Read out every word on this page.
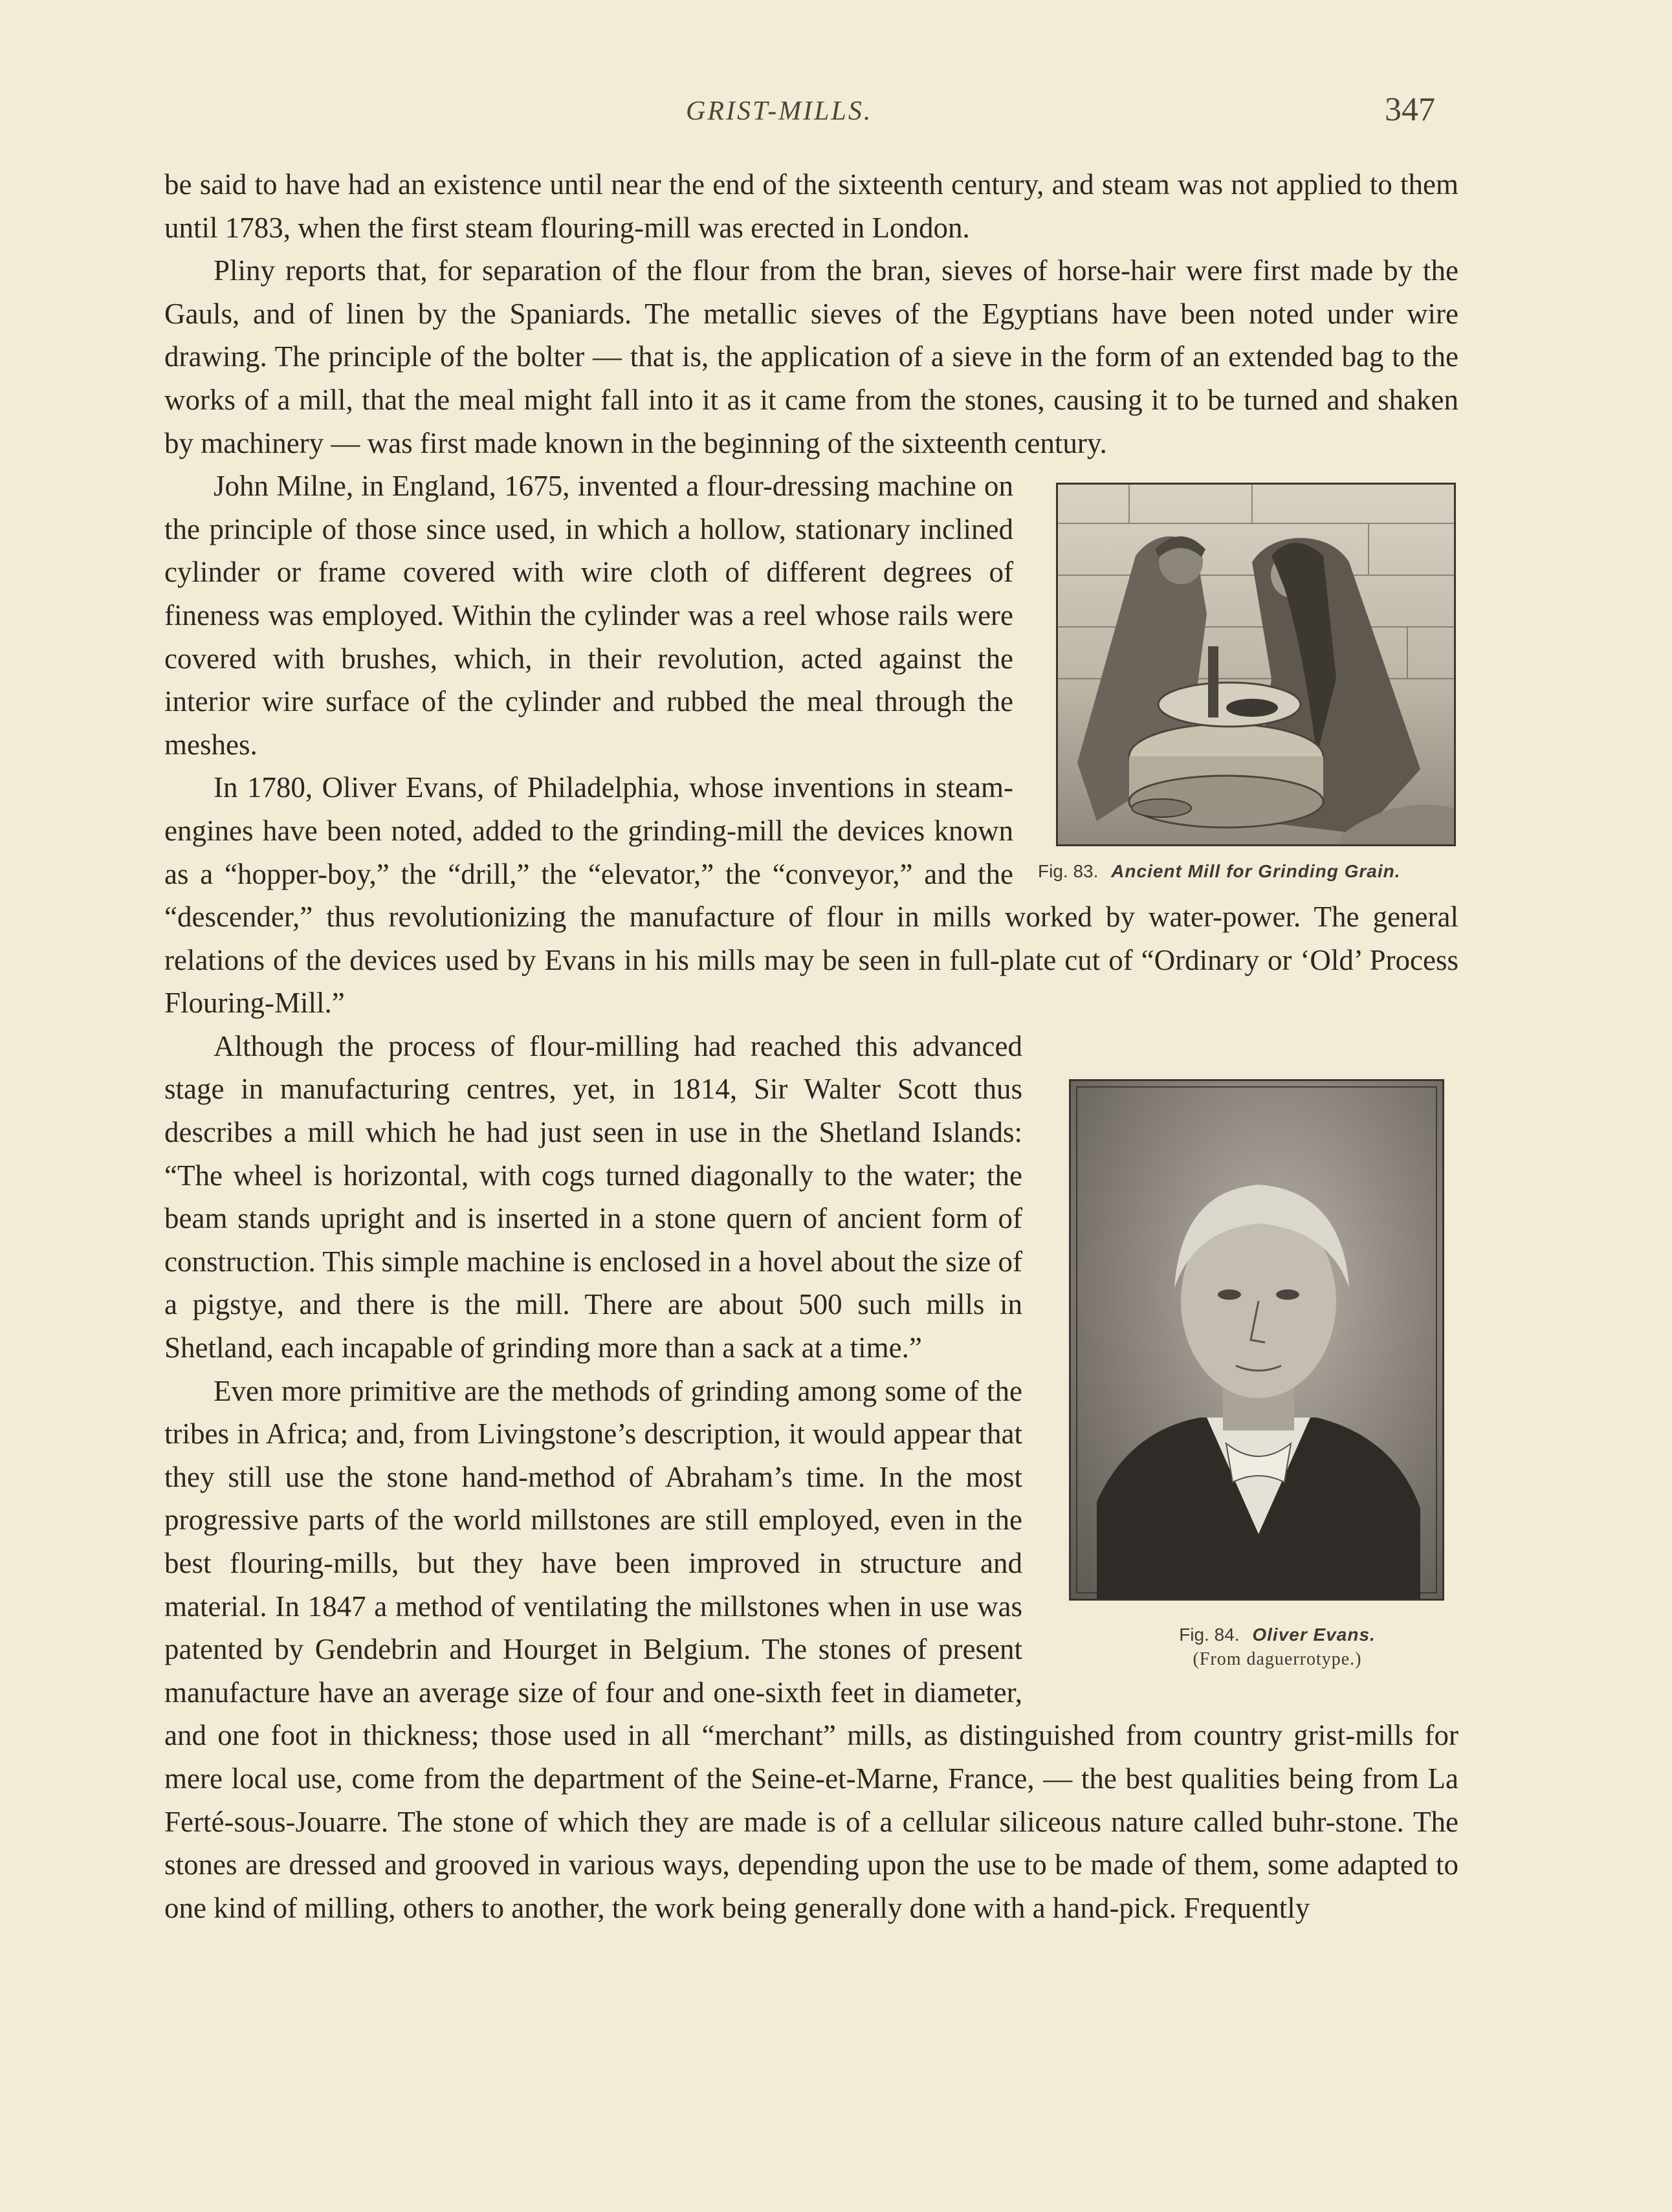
GRIST-MILLS.	347

be said to have had an existence until near the end of the sixteenth century, and steam was not applied to them until 1783, when the first steam flouring-mill was erected in London.

Pliny reports that, for separation of the flour from the bran, sieves of horse-hair were first made by the Gauls, and of linen by the Spaniards. The metallic sieves of the Egyptians have been noted under wire drawing. The principle of the bolter — that is, the application of a sieve in the form of an extended bag to the works of a mill, that the meal might fall into it as it came from the stones, causing it to be turned and shaken by machinery — was first made known in the beginning of the sixteenth century.

Fig. 83. Ancient Mill for Grinding Grain.

John Milne, in England, 1675, invented a flour-dressing machine on the principle of those since used, in which a hollow, stationary inclined cylinder or frame covered with wire cloth of different degrees of fineness was employed. Within the cylinder was a reel whose rails were covered with brushes, which, in their revolution, acted against the interior wire surface of the cylinder and rubbed the meal through the meshes.

In 1780, Oliver Evans, of Philadelphia, whose inventions in steam-engines have been noted, added to the grinding-mill the devices known as a “hopper-boy,” the “drill,” the “elevator,” the “conveyor,” and the “descender,” thus revolutionizing the manufacture of flour in mills worked by water-power. The general relations of the devices used by Evans in his mills may be seen in full-plate cut of “Ordinary or ‘Old’ Process Flouring-Mill.”

Fig. 84. Oliver Evans.
(From daguerrotype.)

Although the process of flour-milling had reached this advanced stage in manufacturing centres, yet, in 1814, Sir Walter Scott thus describes a mill which he had just seen in use in the Shetland Islands: “The wheel is horizontal, with cogs turned diagonally to the water; the beam stands upright and is inserted in a stone quern of ancient form of construction. This simple machine is enclosed in a hovel about the size of a pigstye, and there is the mill. There are about 500 such mills in Shetland, each incapable of grinding more than a sack at a time.”

Even more primitive are the methods of grinding among some of the tribes in Africa; and, from Livingstone’s description, it would appear that they still use the stone hand-method of Abraham’s time. In the most progressive parts of the world millstones are still employed, even in the best flouring-mills, but they have been improved in structure and material. In 1847 a method of ventilating the millstones when in use was patented by Gendebrin and Hourget in Belgium. The stones of present manufacture have an average size of four and one-sixth feet in diameter, and one foot in thickness; those used in all “merchant” mills, as distinguished from country grist-mills for mere local use, come from the department of the Seine-et-Marne, France, — the best qualities being from La Ferté-sous-Jouarre. The stone of which they are made is of a cellular siliceous nature called buhr-stone. The stones are dressed and grooved in various ways, depending upon the use to be made of them, some adapted to one kind of milling, others to another, the work being generally done with a hand-pick. Frequently
